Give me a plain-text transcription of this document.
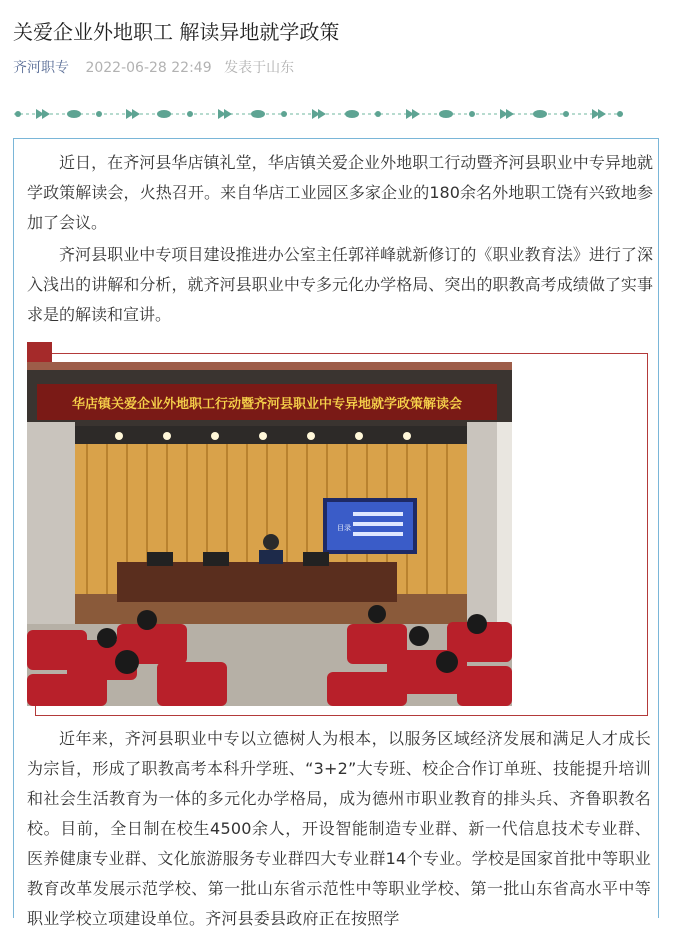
关爱企业外地职工 解读异地就学政策
齐河职专 2022-06-28 22:49 发表于山东

近日，在齐河县华店镇礼堂，华店镇关爱企业外地职工行动暨齐河县职业中专异地就学政策解读会，火热召开。来自华店工业园区多家企业的180余名外地职工饶有兴致地参加了会议。

齐河县职业中专项目建设推进办公室主任郭祥峰就新修订的《职业教育法》进行了深入浅出的讲解和分析，就齐河县职业中专多元化办学格局、突出的职教高考成绩做了实事求是的解读和宣讲。

华店镇关爱企业外地职工行动暨齐河县职业中专异地就学政策解读会
目录

近年来，齐河县职业中专以立德树人为根本，以服务区域经济发展和满足人才成长为宗旨，形成了职教高考本科升学班、“3+2”大专班、校企合作订单班、技能提升培训和社会生活教育为一体的多元化办学格局，成为德州市职业教育的排头兵、齐鲁职教名校。目前，全日制在校生4500余人，开设智能制造专业群、新一代信息技术专业群、医养健康专业群、文化旅游服务专业群四大专业群14个专业。学校是国家首批中等职业教育改革发展示范学校、第一批山东省示范性中等职业学校、第一批山东省高水平中等职业学校立项建设单位。齐河县委县政府正在按照学
